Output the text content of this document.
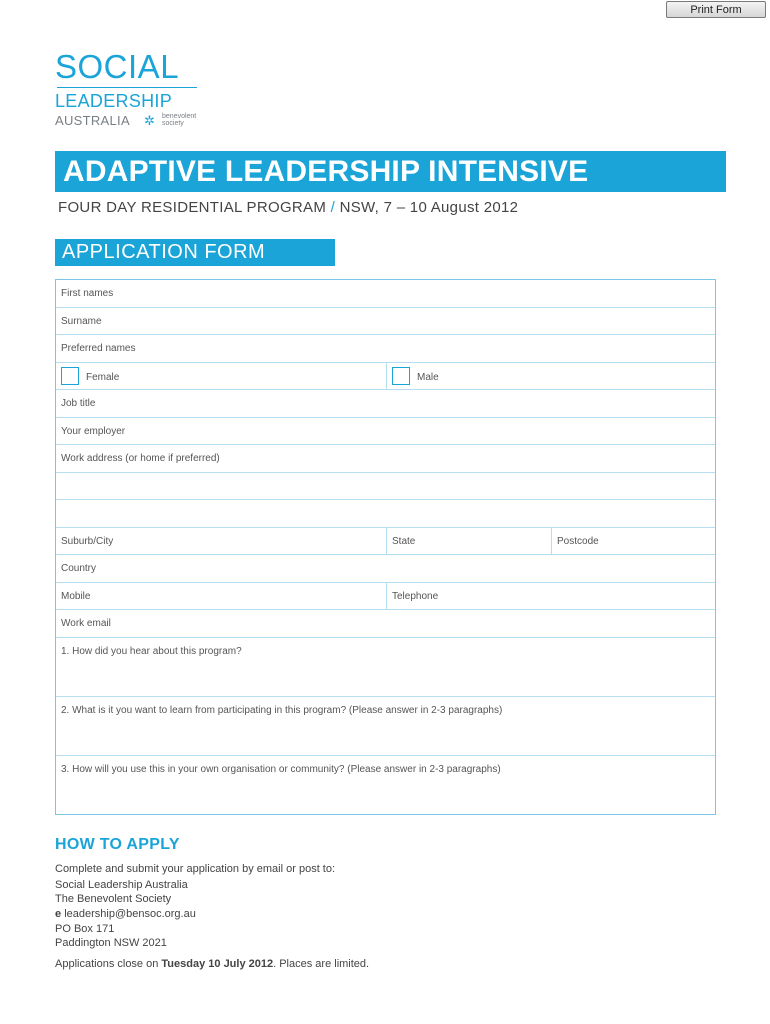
Print Form
SOCIAL
LEADERSHIP
AUSTRALIA ✲ benevolent
society
ADAPTIVE LEADERSHIP INTENSIVE
FOUR DAY RESIDENTIAL PROGRAM / NSW, 7 – 10 August 2012
APPLICATION FORM
First names
Surname
Preferred names
Female	Male
Job title
Your employer
Work address (or home if preferred)
Suburb/City	State	Postcode
Country
Mobile	Telephone
Work email
1. How did you hear about this program?
2. What is it you want to learn from participating in this program? (Please answer in 2-3 paragraphs)
3. How will you use this in your own organisation or community? (Please answer in 2-3 paragraphs)
HOW TO APPLY
Complete and submit your application by email or post to:
Social Leadership Australia
The Benevolent Society
e leadership@bensoc.org.au
PO Box 171
Paddington NSW 2021
Applications close on Tuesday 10 July 2012. Places are limited.
